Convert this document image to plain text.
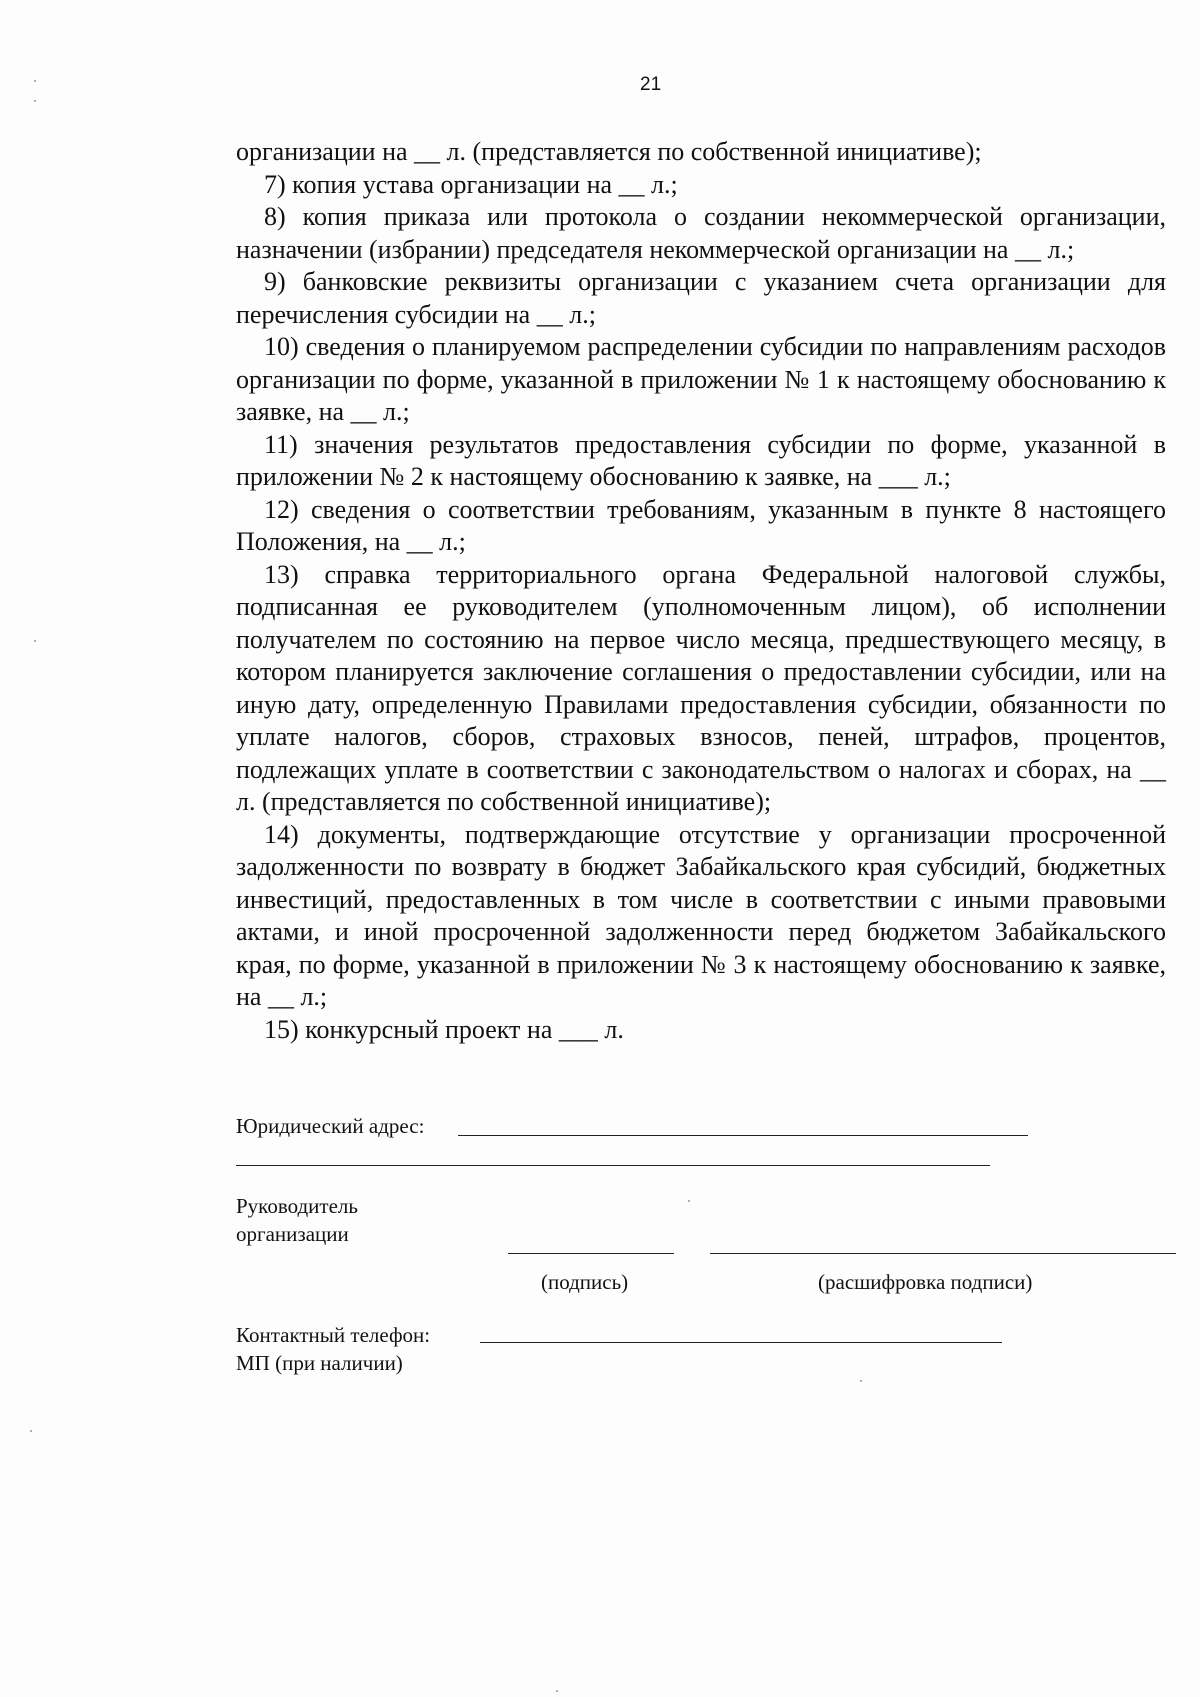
21

организации на __ л. (представляется по собственной инициативе);

7) копия устава организации на __ л.;

8) копия приказа или протокола о создании некоммерческой организации, назначении (избрании) председателя некоммерческой организации на __ л.;

9) банковские реквизиты организации с указанием счета организации для перечисления субсидии на __ л.;

10) сведения о планируемом распределении субсидии по направлениям расходов организации по форме, указанной в приложении № 1 к настоящему обоснованию к заявке, на __ л.;

11) значения результатов предоставления субсидии по форме, указанной в приложении № 2 к настоящему обоснованию к заявке, на ___ л.;

12) сведения о соответствии требованиям, указанным в пункте 8 настоящего Положения, на __ л.;

13) справка территориального органа Федеральной налоговой службы, подписанная ее руководителем (уполномоченным лицом), об исполнении получателем по состоянию на первое число месяца, предшествующего месяцу, в котором планируется заключение соглашения о предоставлении субсидии, или на иную дату, определенную Правилами предоставления субсидии, обязанности по уплате налогов, сборов, страховых взносов, пеней, штрафов, процентов, подлежащих уплате в соответствии с законодательством о налогах и сборах, на __ л. (представляется по собственной инициативе);

14) документы, подтверждающие отсутствие у организации просроченной задолженности по возврату в бюджет Забайкальского края субсидий, бюджетных инвестиций, предоставленных в том числе в соответствии с иными правовыми актами, и иной просроченной задолженности перед бюджетом Забайкальского края, по форме, указанной в приложении № 3 к настоящему обоснованию к заявке, на __ л.;

15) конкурсный проект на ___ л.

Юридический адрес:
Руководитель
организации
(подпись)	(расшифровка подписи)
Контактный телефон:
МП (при наличии)
